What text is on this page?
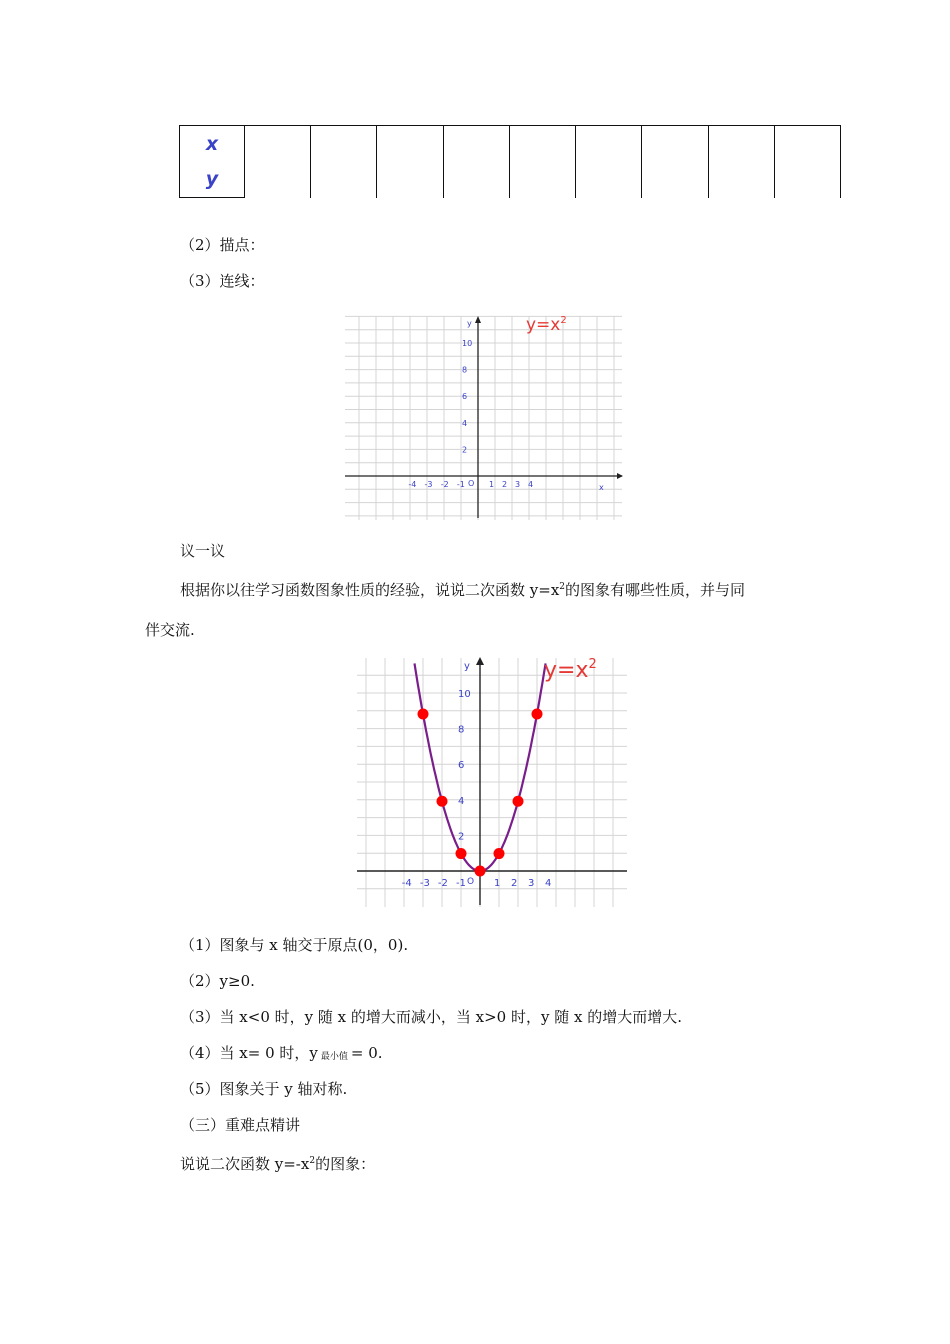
x									
y
（2）描点：
（3）连线：
y
x
O
10
8
6
4
2
-4 -3 -2 -1	1 2 3 4
$y=x^2$
议一议
根据你以往学习函数图象性质的经验，说说二次函数 $y=x^2$的图象有哪些性质，并与同
伴交流.
y
O
10
8
6
4
2
-4 -3 -2 -1	1 2 3 4
$y=x^2$
（1）图象与 x 轴交于原点(0，0).
（2）y≥0.
（3）当 x<0 时，y 随 x 的增大而减小，当 x>0 时，y 随 x 的增大而增大.
（4）当 x= 0 时，y $_{最小值}$ = 0.
（5）图象关于 y 轴对称.
（三）重难点精讲
说说二次函数 $y=-x^2$的图象：
